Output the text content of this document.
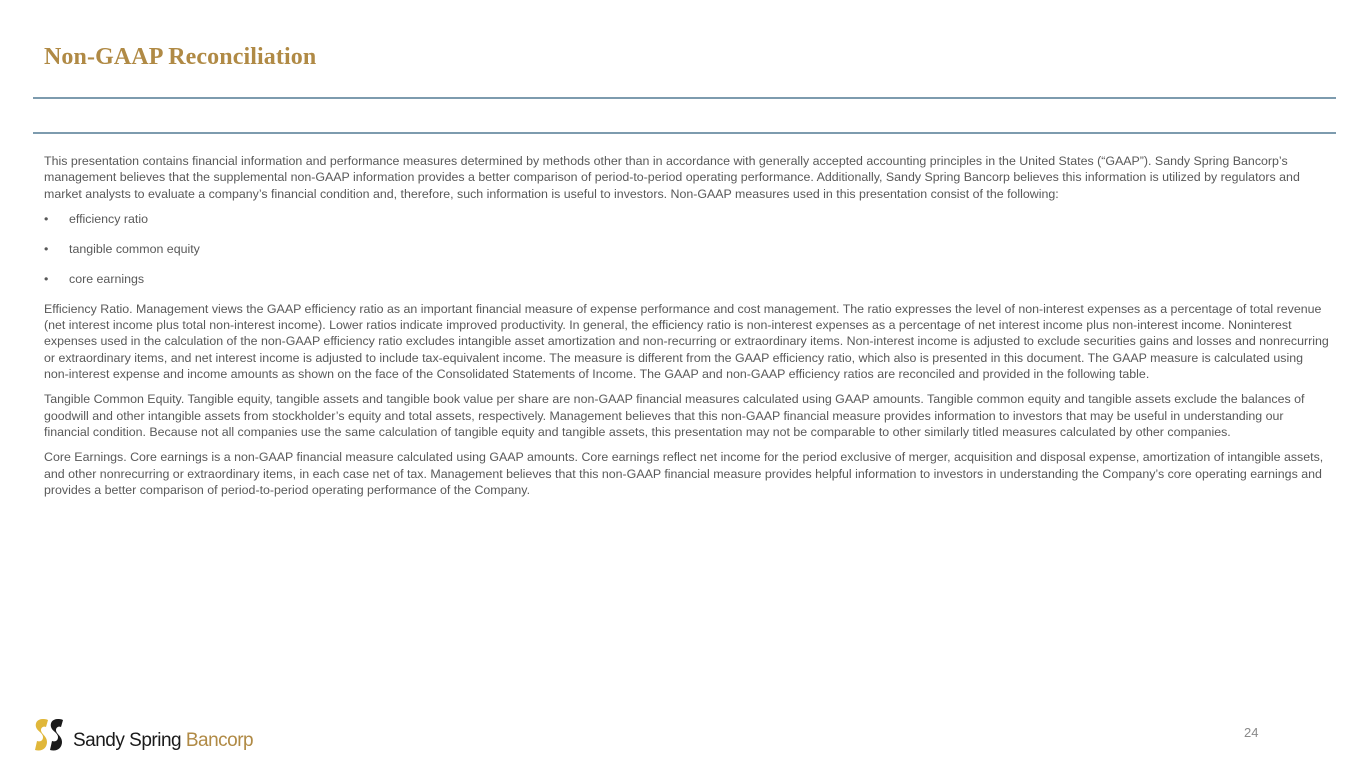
Non-GAAP Reconciliation

This presentation contains financial information and performance measures determined by methods other than in accordance with generally accepted accounting principles in the United States (“GAAP”). Sandy Spring Bancorp’s management believes that the supplemental non-GAAP information provides a better comparison of period-to-period operating performance. Additionally, Sandy Spring Bancorp believes this information is utilized by regulators and market analysts to evaluate a company’s financial condition and, therefore, such information is useful to investors. Non-GAAP measures used in this presentation consist of the following:

• efficiency ratio
• tangible common equity
• core earnings

Efficiency Ratio. Management views the GAAP efficiency ratio as an important financial measure of expense performance and cost management. The ratio expresses the level of non-interest expenses as a percentage of total revenue (net interest income plus total non-interest income). Lower ratios indicate improved productivity. In general, the efficiency ratio is non-interest expenses as a percentage of net interest income plus non-interest income. Noninterest expenses used in the calculation of the non-GAAP efficiency ratio excludes intangible asset amortization and non-recurring or extraordinary items. Non-interest income is adjusted to exclude securities gains and losses and nonrecurring or extraordinary items, and net interest income is adjusted to include tax-equivalent income. The measure is different from the GAAP efficiency ratio, which also is presented in this document. The GAAP measure is calculated using non-interest expense and income amounts as shown on the face of the Consolidated Statements of Income. The GAAP and non-GAAP efficiency ratios are reconciled and provided in the following table.

Tangible Common Equity. Tangible equity, tangible assets and tangible book value per share are non-GAAP financial measures calculated using GAAP amounts. Tangible common equity and tangible assets exclude the balances of goodwill and other intangible assets from stockholder’s equity and total assets, respectively. Management believes that this non-GAAP financial measure provides information to investors that may be useful in understanding our financial condition. Because not all companies use the same calculation of tangible equity and tangible assets, this presentation may not be comparable to other similarly titled measures calculated by other companies.

Core Earnings. Core earnings is a non-GAAP financial measure calculated using GAAP amounts. Core earnings reflect net income for the period exclusive of merger, acquisition and disposal expense, amortization of intangible assets, and other nonrecurring or extraordinary items, in each case net of tax. Management believes that this non-GAAP financial measure provides helpful information to investors in understanding the Company’s core operating earnings and provides a better comparison of period-to-period operating performance of the Company.

Sandy Spring Bancorp	24
